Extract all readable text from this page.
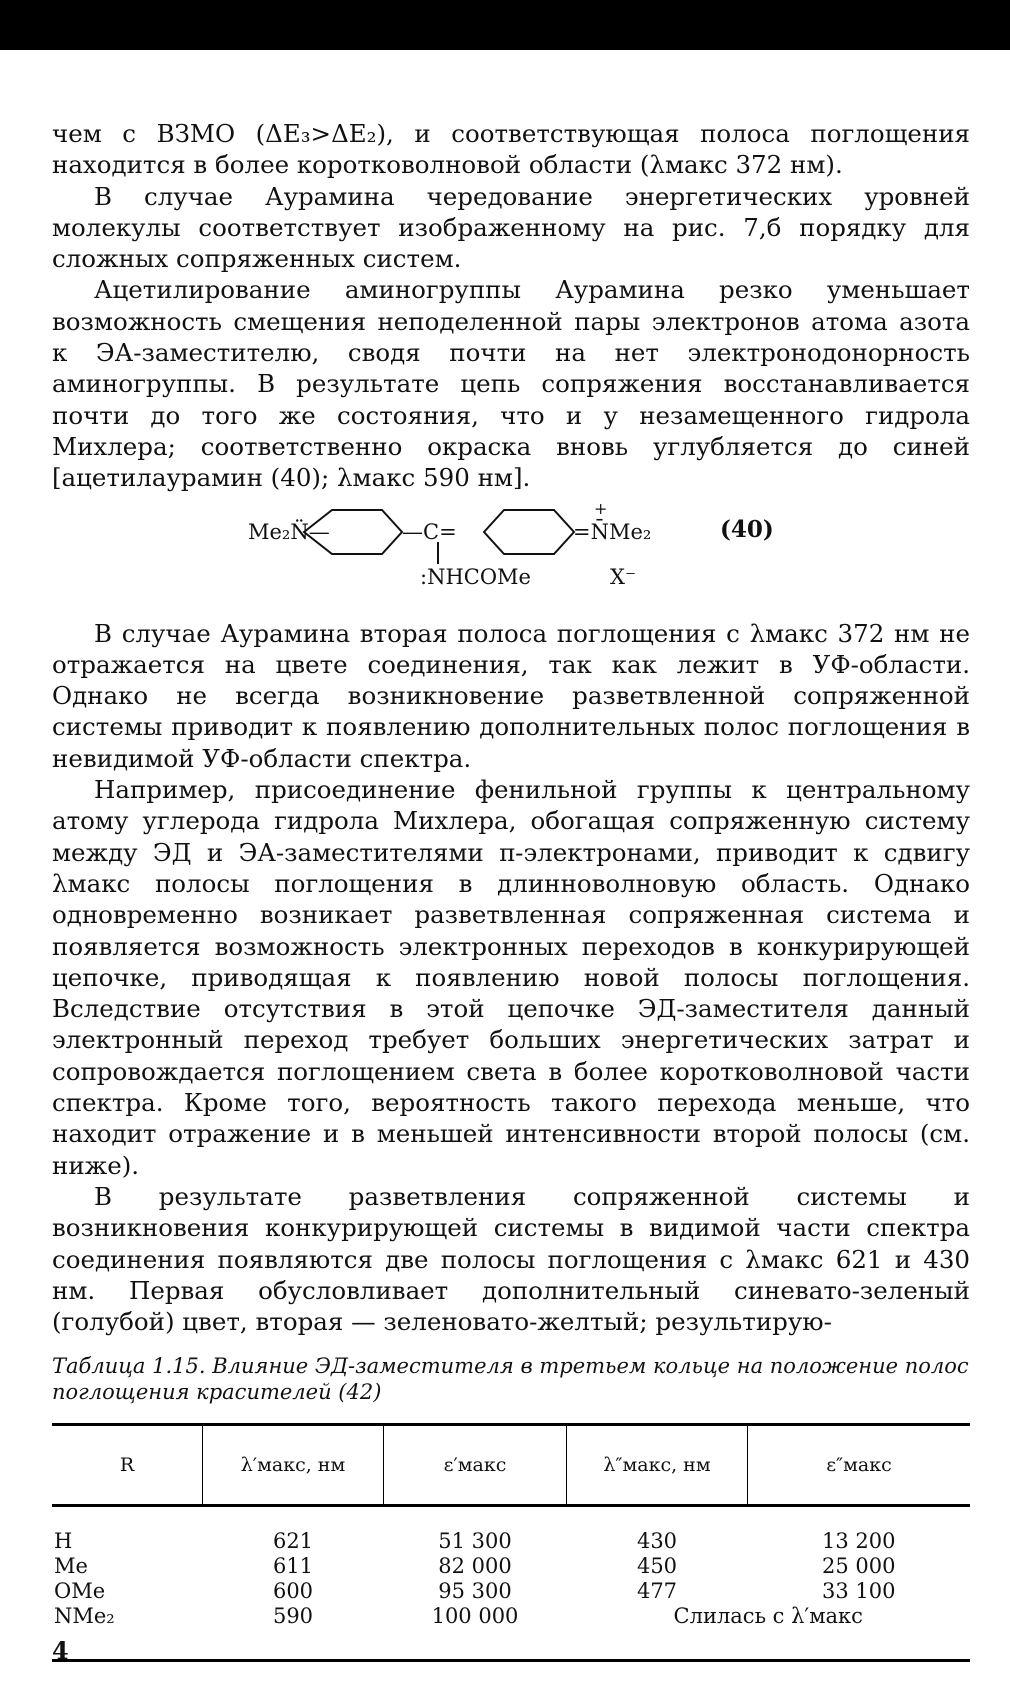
чем с ВЗМО (ΔE₃>ΔE₂), и соответствующая полоса поглощения находится в более коротковолновой области (λмакс 372 нм).

В случае Аурамина чередование энергетических уровней молекулы соответствует изображенному на рис. 7,б порядку для сложных сопряженных систем.

Ацетилирование аминогруппы Аурамина резко уменьшает возможность смещения неподеленной пары электронов атома азота к ЭА-заместителю, сводя почти на нет электронодонорность аминогруппы. В результате цепь сопряжения восстанавливается почти до того же состояния, что и у незамещенного гидрола Михлера; соответственно окраска вновь углубляется до синей [ацетилаурамин (40); λмакс 590 нм].

Me₂N̈—	—C=	=N̄Me₂
+
:NHCOMe	X⁻
(40)

В случае Аурамина вторая полоса поглощения с λмакс 372 нм не отражается на цвете соединения, так как лежит в УФ-области. Однако не всегда возникновение разветвленной сопряженной системы приводит к появлению дополнительных полос поглощения в невидимой УФ-области спектра.

Например, присоединение фенильной группы к центральному атому углерода гидрола Михлера, обогащая сопряженную систему между ЭД и ЭА-заместителями π-электронами, приводит к сдвигу λмакс полосы поглощения в длинноволновую область. Однако одновременно возникает разветвленная сопряженная система и появляется возможность электронных переходов в конкурирующей цепочке, приводящая к появлению новой полосы поглощения. Вследствие отсутствия в этой цепочке ЭД-заместителя данный электронный переход требует больших энергетических затрат и сопровождается поглощением света в более коротковолновой части спектра. Кроме того, вероятность такого перехода меньше, что находит отражение и в меньшей интенсивности второй полосы (см. ниже).

В результате разветвления сопряженной системы и возникновения конкурирующей системы в видимой части спектра соединения появляются две полосы поглощения с λмакс 621 и 430 нм. Первая обусловливает дополнительный синевато-зеленый (голубой) цвет, вторая — зеленовато-желтый; результирую-

Таблица 1.15. Влияние ЭД-заместителя в третьем кольце на положение полос поглощения красителей (42)
R	λ′макс, нм	ε′макс	λ″макс, нм	ε″макс
H	621	51 300	430	13 200
Me	611	82 000	450	25 000
OMe	600	95 300	477	33 100
NMe₂	590	100 000	Слилась с λ′макс	
4
